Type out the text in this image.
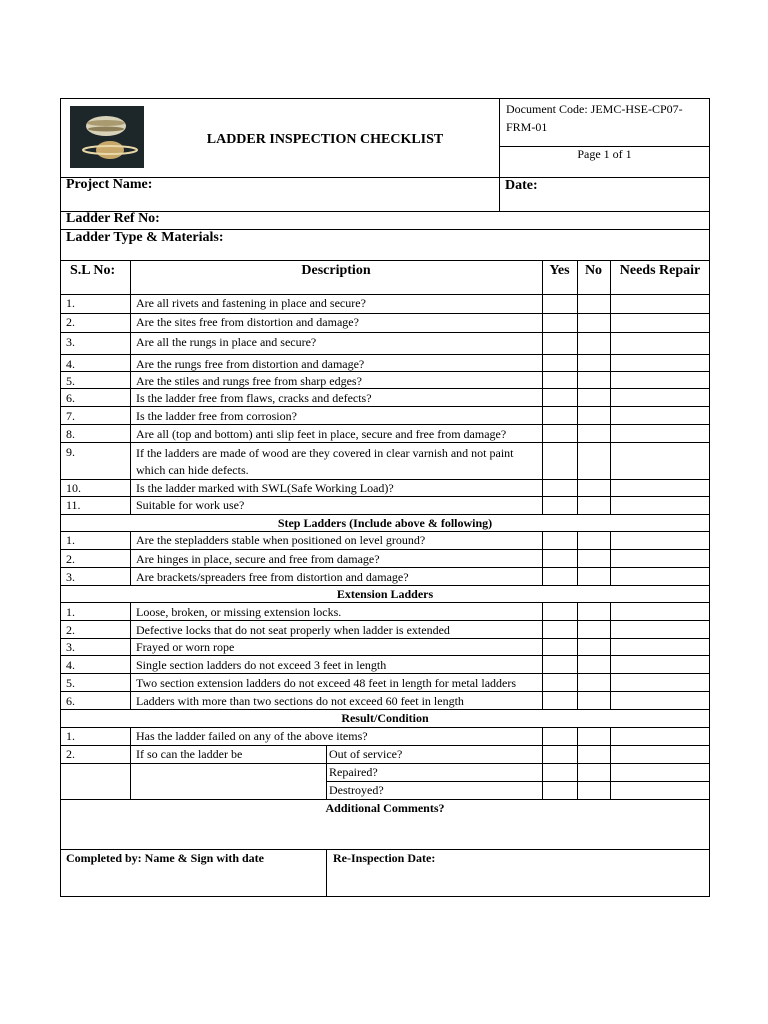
LADDER INSPECTION CHECKLIST
Document Code: JEMC-HSE-CP07-
FRM-01
Page 1 of 1
Project Name:	Date:
Ladder Ref No:
Ladder Type & Materials:
S.L No:	Description	Yes	No	Needs Repair
1.	Are all rivets and fastening in place and secure?
2.	Are the sites free from distortion and damage?
3.	Are all the rungs in place and secure?
4.	Are the rungs free from distortion and damage?
5.	Are the stiles and rungs free from sharp edges?
6.	Is the ladder free from flaws, cracks and defects?
7.	Is the ladder free from corrosion?
8.	Are all (top and bottom) anti slip feet in place, secure and free from damage?
9.	If the ladders are made of wood are they covered in clear varnish and not paint which can hide defects.
10.	Is the ladder marked with SWL(Safe Working Load)?
11.	Suitable for work use?
Step Ladders (Include above & following)
1.	Are the stepladders stable when positioned on level ground?
2.	Are hinges in place, secure and free from damage?
3.	Are brackets/spreaders free from distortion and damage?
Extension Ladders
1.	Loose, broken, or missing extension locks.
2.	Defective locks that do not seat properly when ladder is extended
3.	Frayed or worn rope
4.	Single section ladders do not exceed 3 feet in length
5.	Two section extension ladders do not exceed 48 feet in length for metal ladders
6.	Ladders with more than two sections do not exceed 60 feet in length
Result/Condition
1.	Has the ladder failed on any of the above items?
2.	If so can the ladder be	Out of service?
Repaired?
Destroyed?
Additional Comments?
Completed by: Name & Sign with date	Re-Inspection Date:
